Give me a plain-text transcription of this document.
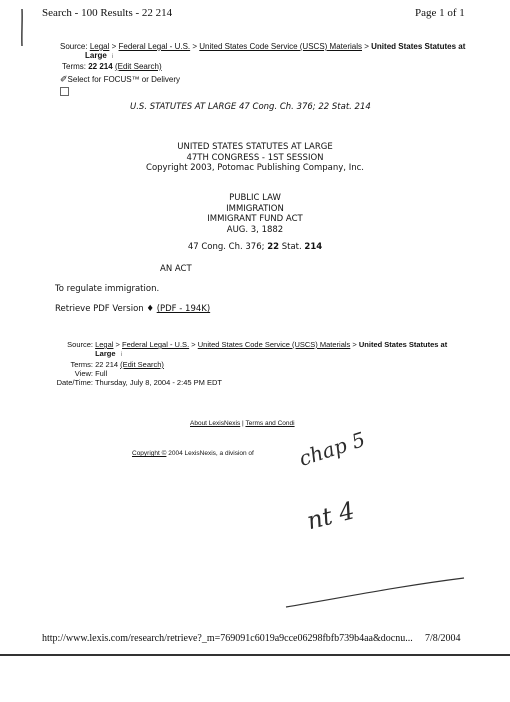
Search - 100 Results - 22 214	Page 1 of 1
Source: Legal > Federal Legal - U.S. > United States Code Service (USCS) Materials > United States Statutes at
Large i
Terms: 22 214 (Edit Search)
✐Select for FOCUS™ or Delivery
U.S. STATUTES AT LARGE 47 Cong. Ch. 376; 22 Stat. 214
UNITED STATES STATUTES AT LARGE
47TH CONGRESS - 1ST SESSION
Copyright 2003, Potomac Publishing Company, Inc.
PUBLIC LAW
IMMIGRATION
IMMIGRANT FUND ACT
AUG. 3, 1882
47 Cong. Ch. 376; 22 Stat. 214
AN ACT
To regulate immigration.
Retrieve PDF Version ♦ (PDF - 194K)
Source: Legal > Federal Legal - U.S. > United States Code Service (USCS) Materials > United States Statutes at
Large i
Terms: 22 214 (Edit Search)
View: Full
Date/Time: Thursday, July 8, 2004 - 2:45 PM EDT
About LexisNexis | Terms and Condi
Copyright © 2004 LexisNexis, a division of chap 5
nt 4
http://www.lexis.com/research/retrieve?_m=769091c6019a9cce06298fbfb739b4aa&docnu... 7/8/2004
